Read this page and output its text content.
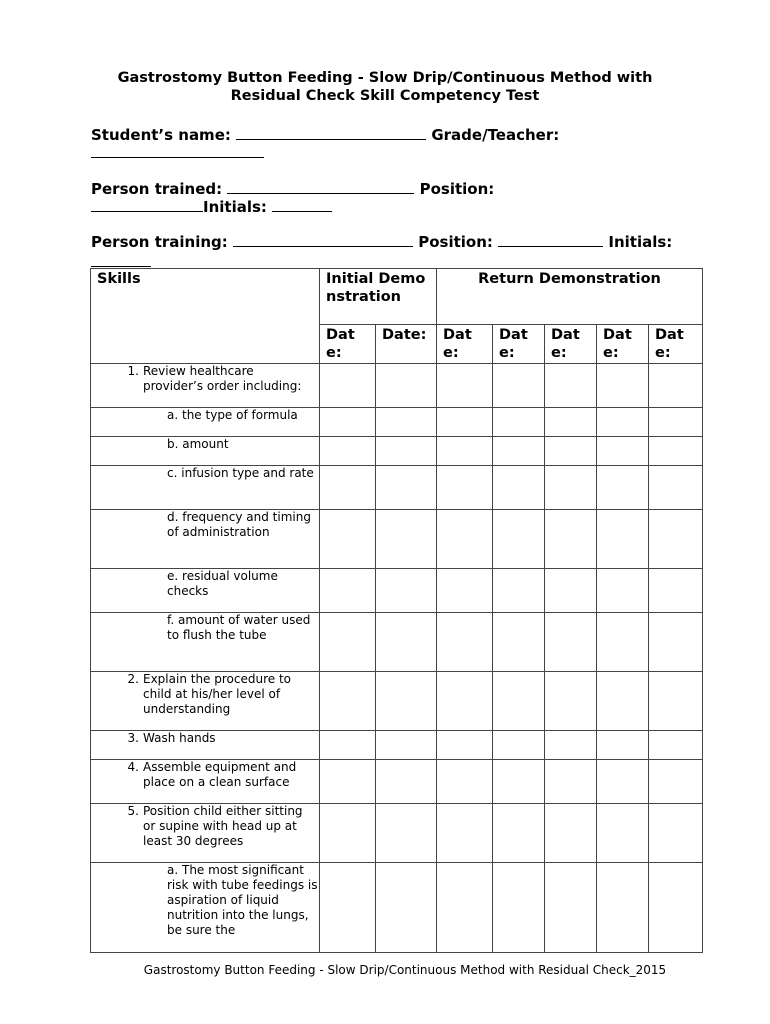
Gastrostomy Button Feeding - Slow Drip/Continuous Method with
Residual Check Skill Competency Test
Student’s name:	Grade/Teacher:
Person trained:	Position:
Initials:
Person training:	Position:	Initials:
Skills	Initial Demonstration		Return Demonstration				
	Date:	Date:	Date:	Date:	Date:	Date:	Date:
1. Review healthcare provider’s order including:							

a. the type of formula							

b. amount							

c. infusion type and rate							

d. frequency and timing of administration							

e. residual volume checks							

f. amount of water used to flush the tube							

2. Explain the procedure to child at his/her level of understanding							
3. Wash hands							
4. Assemble equipment and place on a clean surface							
5. Position child either sitting or supine with head up at least 30 degrees							

a. The most significant risk with tube feedings is aspiration of liquid nutrition into the lungs, be sure the							

Gastrostomy Button Feeding - Slow Drip/Continuous Method with Residual Check_2015
